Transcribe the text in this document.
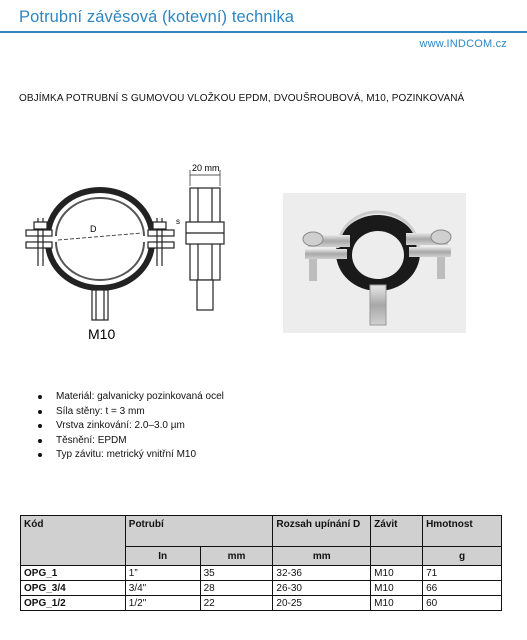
Potrubní závěsová (kotevní) technika
www.INDCOM.cz
OBJÍMKA POTRUBNÍ S GUMOVOU VLOŽKOU EPDM, DVOUŠROUBOVÁ, M10, POZINKOVANÁ
20 mm
D
s
M10
Materiál: galvanicky pozinkovaná ocel
Síla stěny: t = 3 mm
Vrstva zinkování: 2.0–3.0 µm
Těsnění: EPDM
Typ závitu: metrický vnitřní M10
Kód	Potrubí		Rozsah upínání D	Závit	Hmotnost
	In	mm	mm		g
OPG_1	1”	35	32-36	M10	71
OPG_3/4	3/4"	28	26-30	M10	66
OPG_1/2	1/2"	22	20-25	M10	60
